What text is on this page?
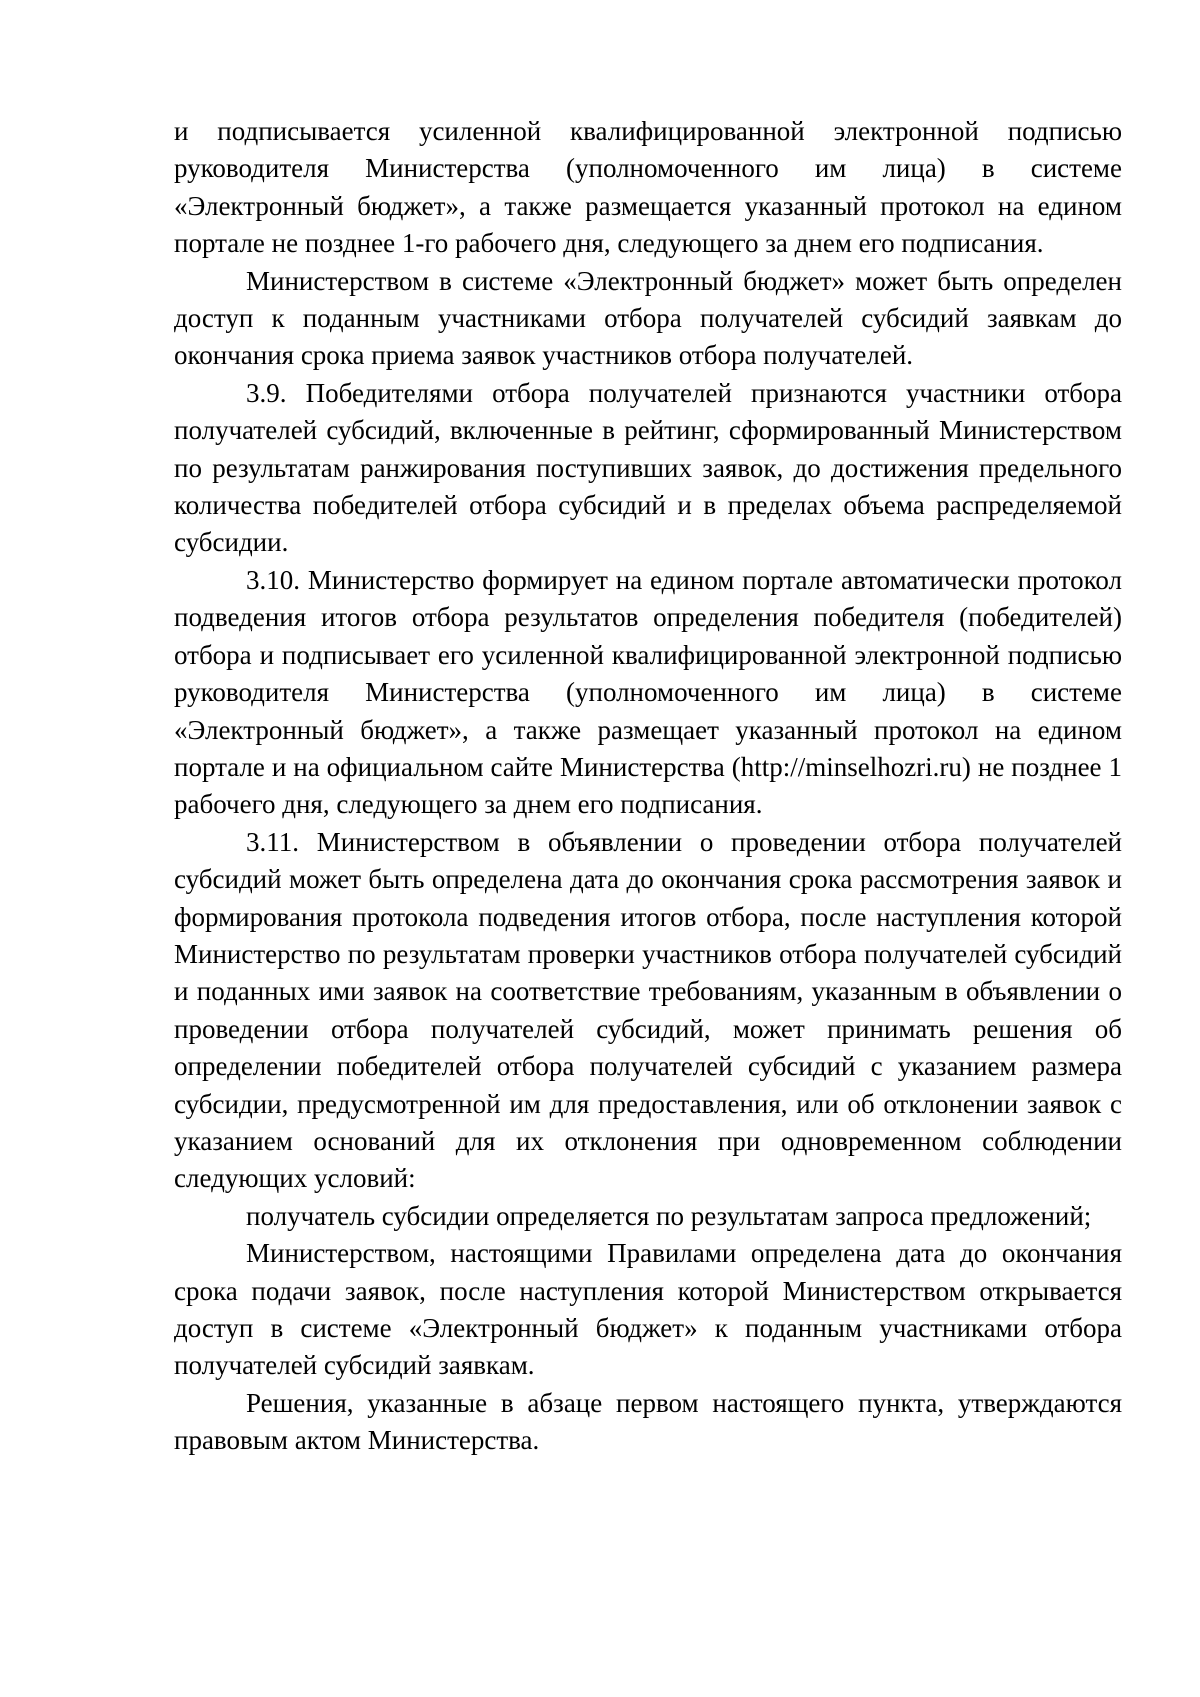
и подписывается усиленной квалифицированной электронной подписью руководителя Министерства (уполномоченного им лица) в системе «Электронный бюджет», а также размещается указанный протокол на едином портале не позднее 1-го рабочего дня, следующего за днем его подписания.

Министерством в системе «Электронный бюджет» может быть определен доступ к поданным участниками отбора получателей субсидий заявкам до окончания срока приема заявок участников отбора получателей.

3.9. Победителями отбора получателей признаются участники отбора получателей субсидий, включенные в рейтинг, сформированный Министерством по результатам ранжирования поступивших заявок, до достижения предельного количества победителей отбора субсидий и в пределах объема распределяемой субсидии.

3.10. Министерство формирует на едином портале автоматически протокол подведения итогов отбора результатов определения победителя (победителей) отбора и подписывает его усиленной квалифицированной электронной подписью руководителя Министерства (уполномоченного им лица) в системе «Электронный бюджет», а также размещает указанный протокол на едином портале и на официальном сайте Министерства (http://minselhozri.ru) не позднее 1 рабочего дня, следующего за днем его подписания.

3.11. Министерством в объявлении о проведении отбора получателей субсидий может быть определена дата до окончания срока рассмотрения заявок и формирования протокола подведения итогов отбора, после наступления которой Министерство по результатам проверки участников отбора получателей субсидий и поданных ими заявок на соответствие требованиям, указанным в объявлении о проведении отбора получателей субсидий, может принимать решения об определении победителей отбора получателей субсидий с указанием размера субсидии, предусмотренной им для предоставления, или об отклонении заявок с указанием оснований для их отклонения при одновременном соблюдении следующих условий:

получатель субсидии определяется по результатам запроса предложений;

Министерством, настоящими Правилами определена дата до окончания срока подачи заявок, после наступления которой Министерством открывается доступ в системе «Электронный бюджет» к поданным участниками отбора получателей субсидий заявкам.

Решения, указанные в абзаце первом настоящего пункта, утверждаются правовым актом Министерства.
